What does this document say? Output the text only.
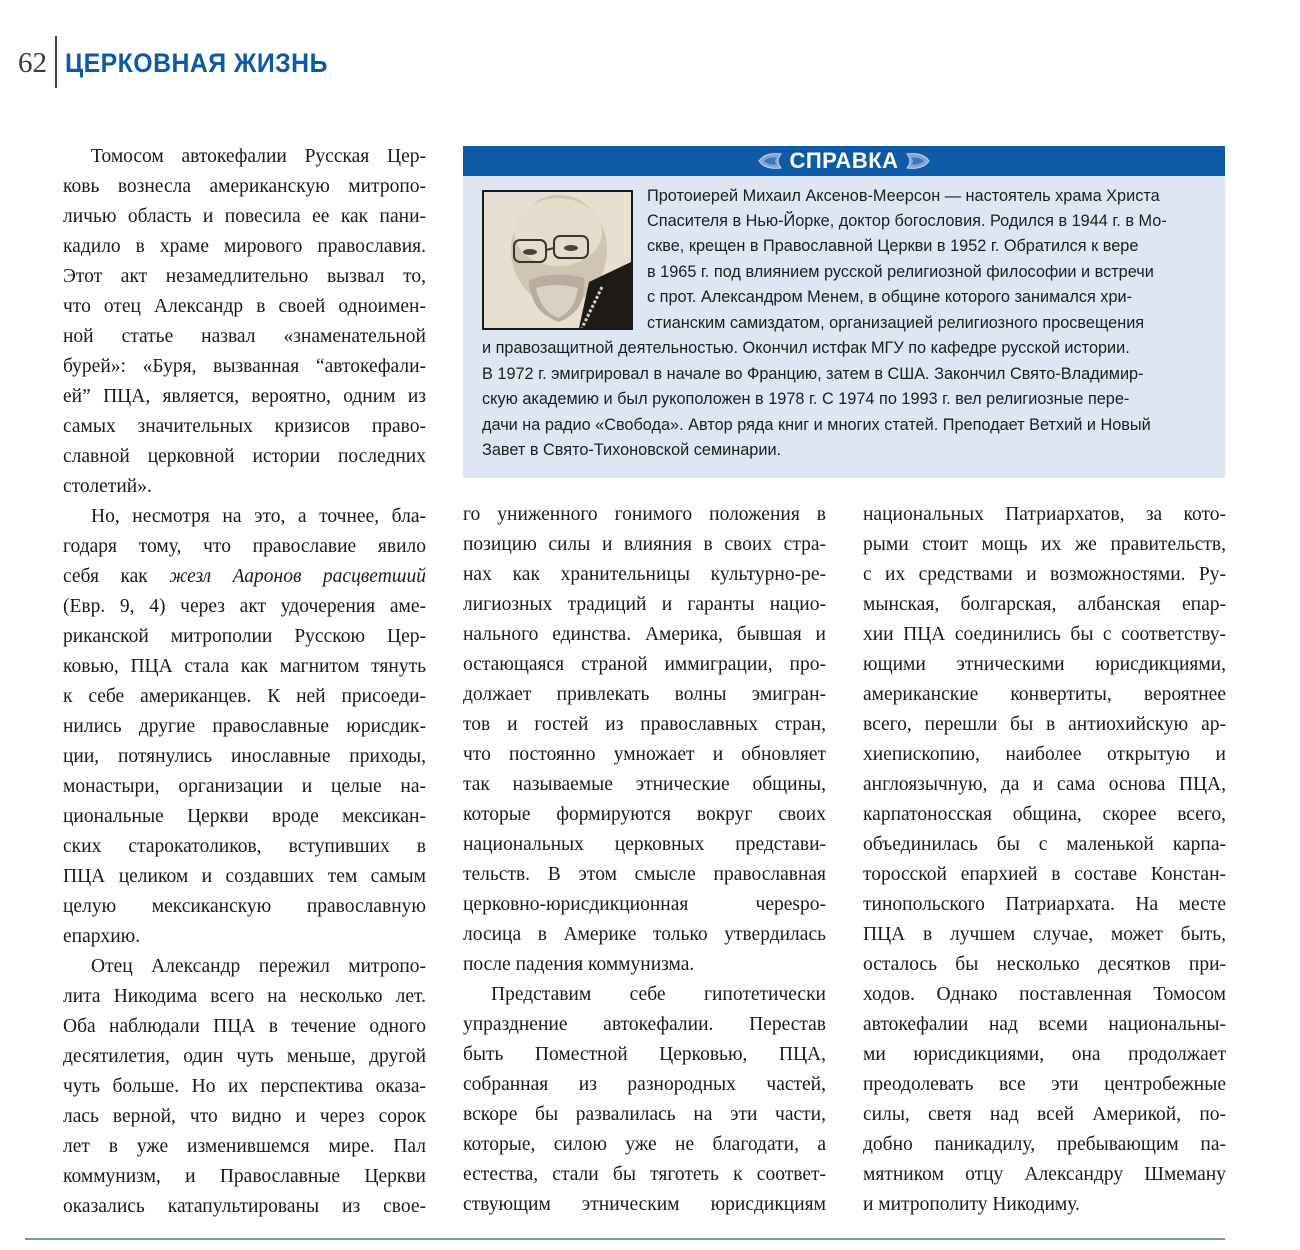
62 ЦЕРКОВНАЯ ЖИЗНЬ
Томосом автокефалии Русская Цер-
ковь вознесла американскую митропо-
личью область и повесила ее как пани-
кадило в храме мирового православия.
Этот акт незамедлительно вызвал то,
что отец Александр в своей одноимен-
ной статье назвал «знаменательной
бурей»: «Буря, вызванная “автокефали-
ей” ПЦА, является, вероятно, одним из
самых значительных кризисов право-
славной церковной истории последних
столетий».
Но, несмотря на это, а точнее, бла-
годаря тому, что православие явило
себя как жезл Ааронов расцветший
(Евр. 9, 4) через акт удочерения аме-
риканской митрополии Русскою Цер-
ковью, ПЦА стала как магнитом тянуть
к себе американцев. К ней присоеди-
нились другие православные юрисдик-
ции, потянулись инославные приходы,
монастыри, организации и целые на-
циональные Церкви вроде мексикан-
ских старокатоликов, вступивших в
ПЦА целиком и создавших тем самым
целую мексиканскую православную
епархию.
Отец Александр пережил митропо-
лита Никодима всего на несколько лет.
Оба наблюдали ПЦА в течение одного
десятилетия, один чуть меньше, другой
чуть больше. Но их перспектива оказа-
лась верной, что видно и через сорок
лет в уже изменившемся мире. Пал
коммунизм, и Православные Церкви
оказались катапультированы из свое-
СПРАВКА
Протоиерей Михаил Аксенов-Меерсон — настоятель храма Христа
Спасителя в Нью-Йорке, доктор богословия. Родился в 1944 г. в Мо-
скве, крещен в Православной Церкви в 1952 г. Обратился к вере
в 1965 г. под влиянием русской религиозной философии и встречи
с прот. Александром Менем, в общине которого занимался хри-
стианским самиздатом, организацией религиозного просвещения
и правозащитной деятельностью. Окончил истфак МГУ по кафедре русской истории.
В 1972 г. эмигрировал в начале во Францию, затем в США. Закончил Свято-Владимир-
скую академию и был рукоположен в 1978 г. С 1974 по 1993 г. вел религиозные пере-
дачи на радио «Свобода». Автор ряда книг и многих статей. Преподает Ветхий и Новый
Завет в Свято-Тихоновской семинарии.
го униженного гонимого положения в
позицию силы и влияния в своих стра-
нах как хранительницы культурно-ре-
лигиозных традиций и гаранты нацио-
нального единства. Америка, бывшая и
остающаяся страной иммиграции, про-
должает привлекать волны эмигран-
тов и гостей из православных стран,
что постоянно умножает и обновляет
так называемые этнические общины,
которые формируются вокруг своих
национальных церковных представи-
тельств. В этом смысле православная
церковно-юрисдикционная черespо-
лосица в Америке только утвердилась
после падения коммунизма.
Представим себе гипотетически
упразднение автокефалии. Перестав
быть Поместной Церковью, ПЦА,
собранная из разнородных частей,
вскоре бы развалилась на эти части,
которые, силою уже не благодати, а
естества, стали бы тяготеть к соответ-
ствующим этническим юрисдикциям
национальных Патриархатов, за кото-
рыми стоит мощь их же правительств,
с их средствами и возможностями. Ру-
мынская, болгарская, албанская епар-
хии ПЦА соединились бы с соответству-
ющими этническими юрисдикциями,
американские конвертиты, вероятнее
всего, перешли бы в антиохийскую ар-
хиепископию, наиболее открытую и
англоязычную, да и сама основа ПЦА,
карпатоносская община, скорее всего,
объединилась бы с маленькой карпа-
торосской епархией в составе Констан-
тинопольского Патриархата. На месте
ПЦА в лучшем случае, может быть,
осталось бы несколько десятков при-
ходов. Однако поставленная Томосом
автокефалии над всеми национальны-
ми юрисдикциями, она продолжает
преодолевать все эти центробежные
силы, светя над всей Америкой, по-
добно паникадилу, пребывающим па-
мятником отцу Александру Шмеману
и митрополиту Никодиму.
